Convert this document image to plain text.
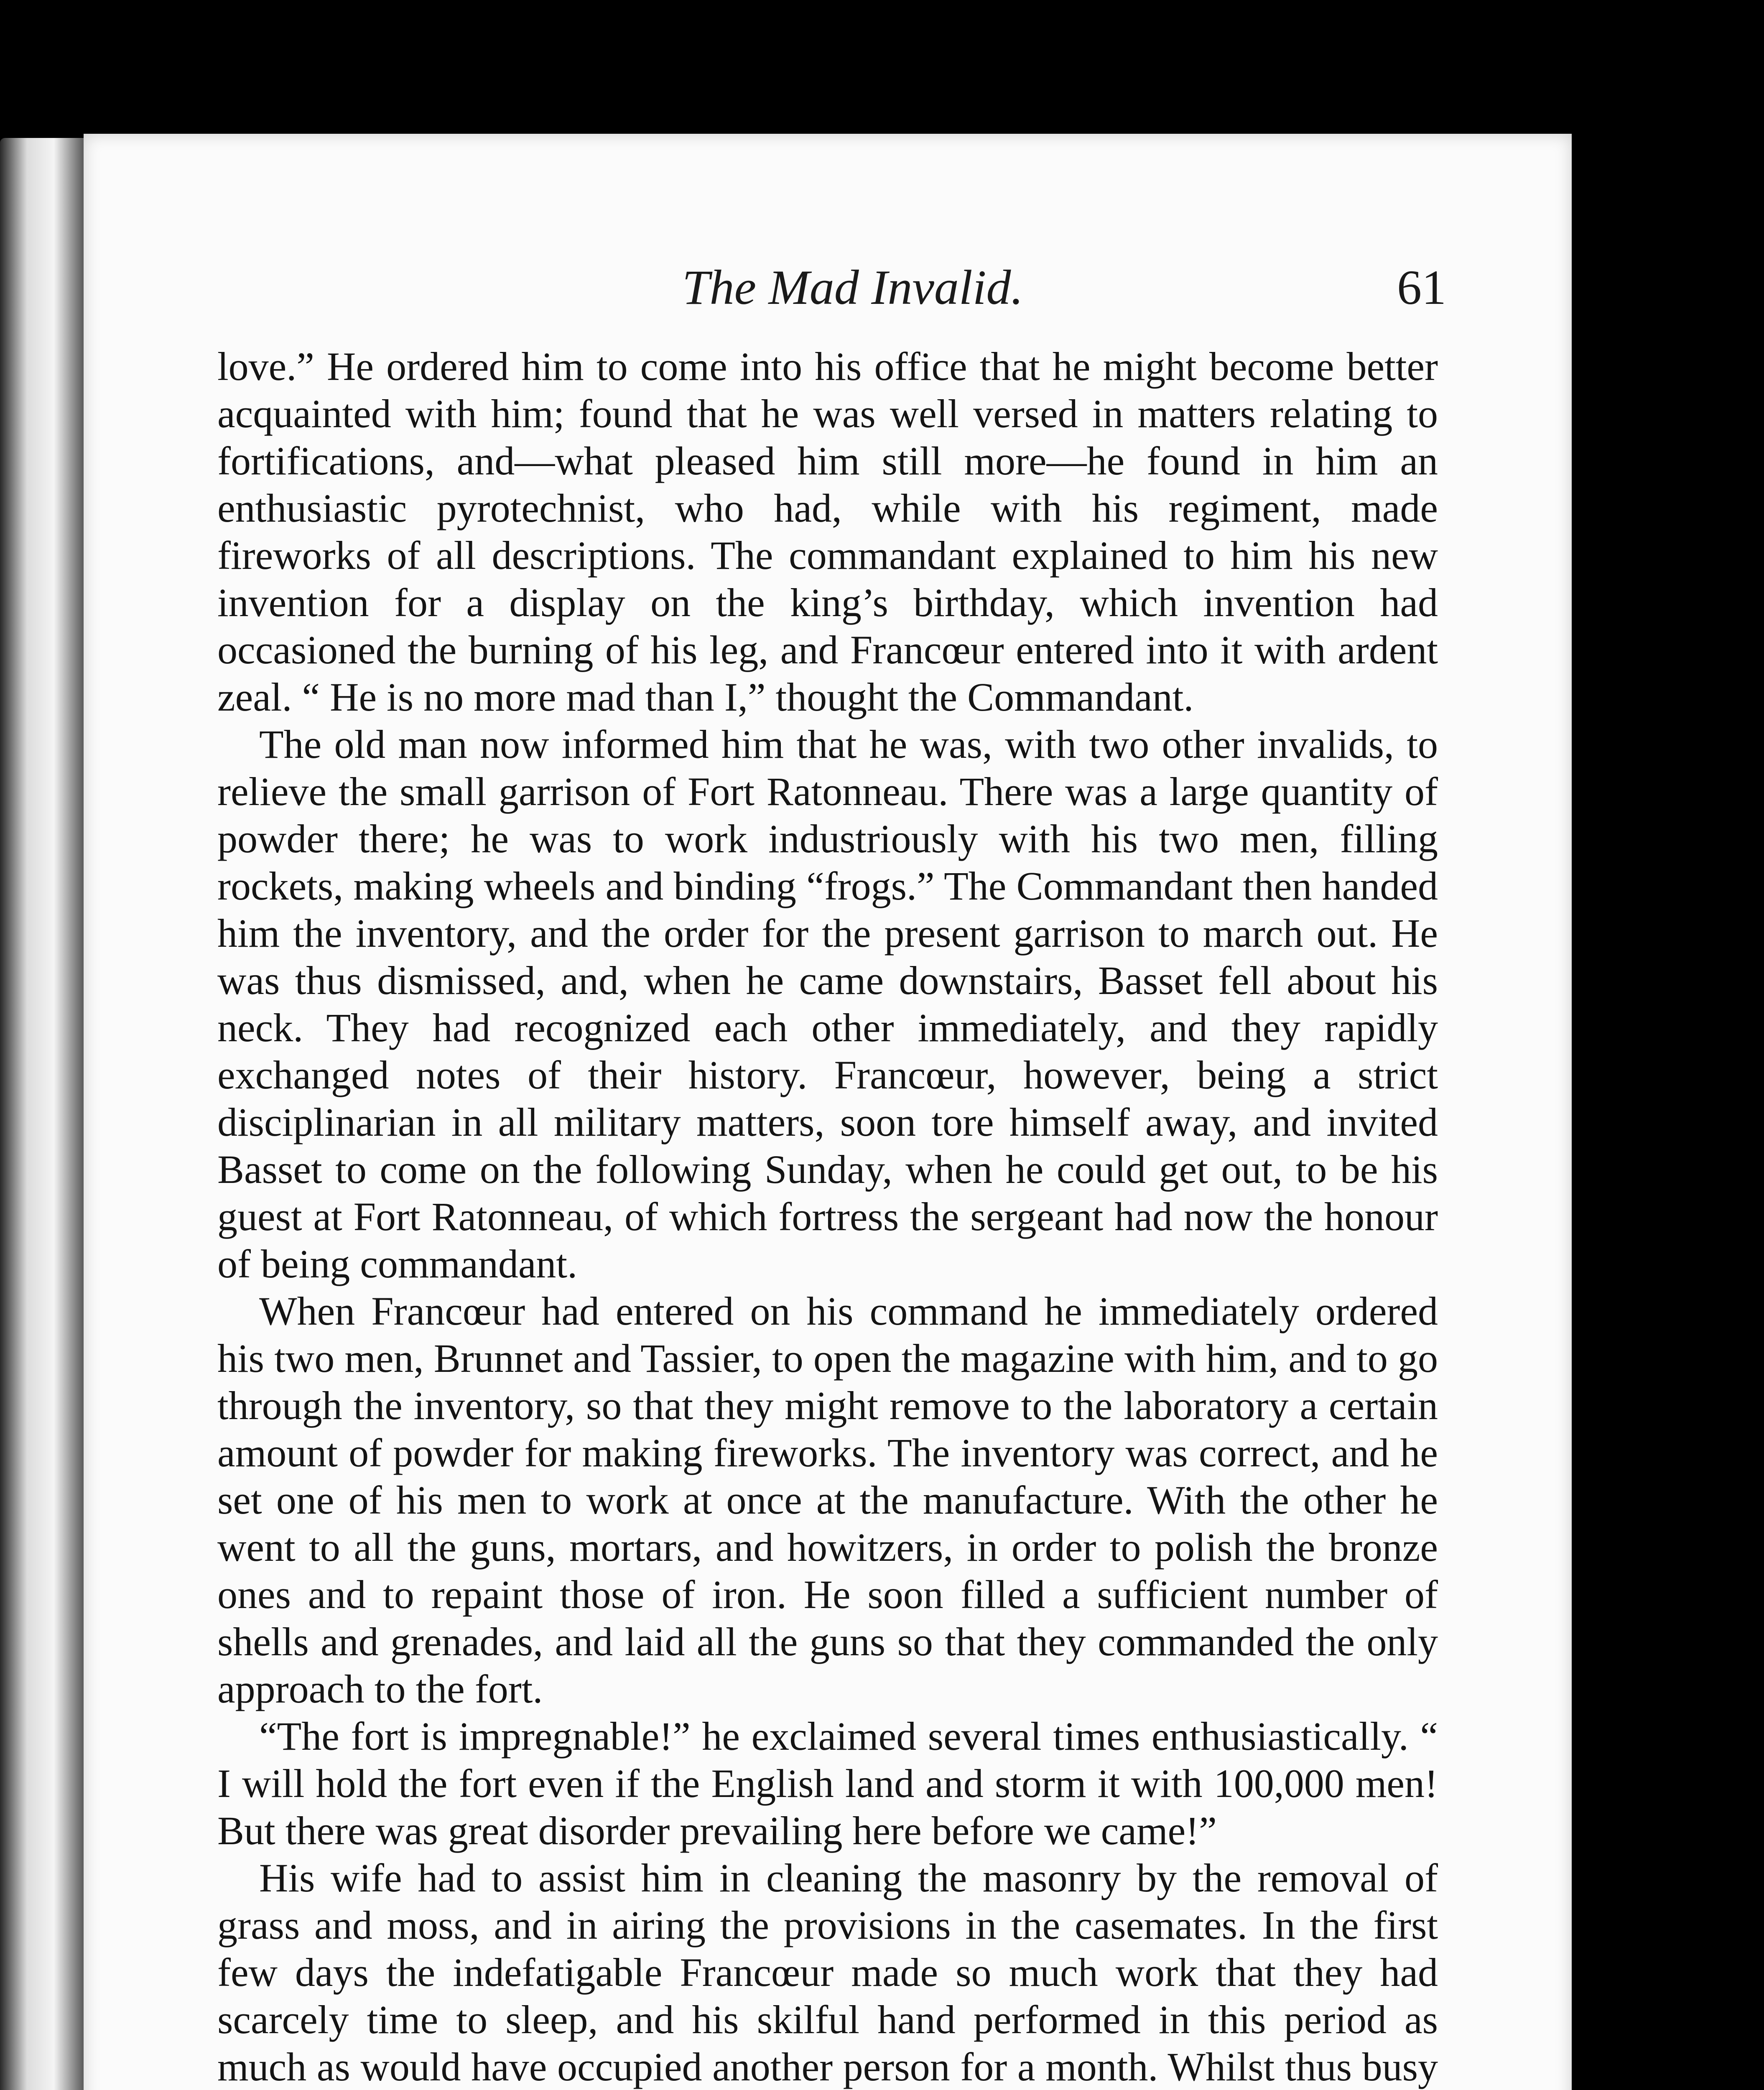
The Mad Invalid.	61

love.” He ordered him to come into his office that he might become better acquainted with him; found that he was well versed in matters relating to fortifications, and—what pleased him still more—he found in him an enthusiastic pyrotechnist, who had, while with his regiment, made fireworks of all descriptions. The commandant explained to him his new invention for a display on the king’s birthday, which invention had occasioned the burning of his leg, and Francœur entered into it with ardent zeal. “ He is no more mad than I,” thought the Commandant.

The old man now informed him that he was, with two other invalids, to relieve the small garrison of Fort Ratonneau. There was a large quantity of powder there; he was to work industriously with his two men, filling rockets, making wheels and binding “frogs.” The Commandant then handed him the inventory, and the order for the present garrison to march out. He was thus dismissed, and, when he came downstairs, Basset fell about his neck. They had recognized each other immediately, and they rapidly exchanged notes of their history. Francœur, however, being a strict disciplinarian in all military matters, soon tore himself away, and invited Basset to come on the following Sunday, when he could get out, to be his guest at Fort Ratonneau, of which fortress the sergeant had now the honour of being commandant.

When Francœur had entered on his command he immediately ordered his two men, Brunnet and Tassier, to open the magazine with him, and to go through the inventory, so that they might remove to the laboratory a certain amount of powder for making fireworks. The inventory was correct, and he set one of his men to work at once at the manufacture. With the other he went to all the guns, mortars, and howitzers, in order to polish the bronze ones and to repaint those of iron. He soon filled a sufficient number of shells and grenades, and laid all the guns so that they commanded the only approach to the fort.

“The fort is impregnable!” he exclaimed several times enthusiastically. “ I will hold the fort even if the English land and storm it with 100,000 men! But there was great disorder prevailing here before we came!”

His wife had to assist him in cleaning the masonry by the removal of grass and moss, and in airing the provisions in the casemates. In the first few days the indefatigable Francœur made so much work that they had scarcely time to sleep, and his skilful hand performed in this period as much as would have occupied another person for a month. Whilst thus busy
